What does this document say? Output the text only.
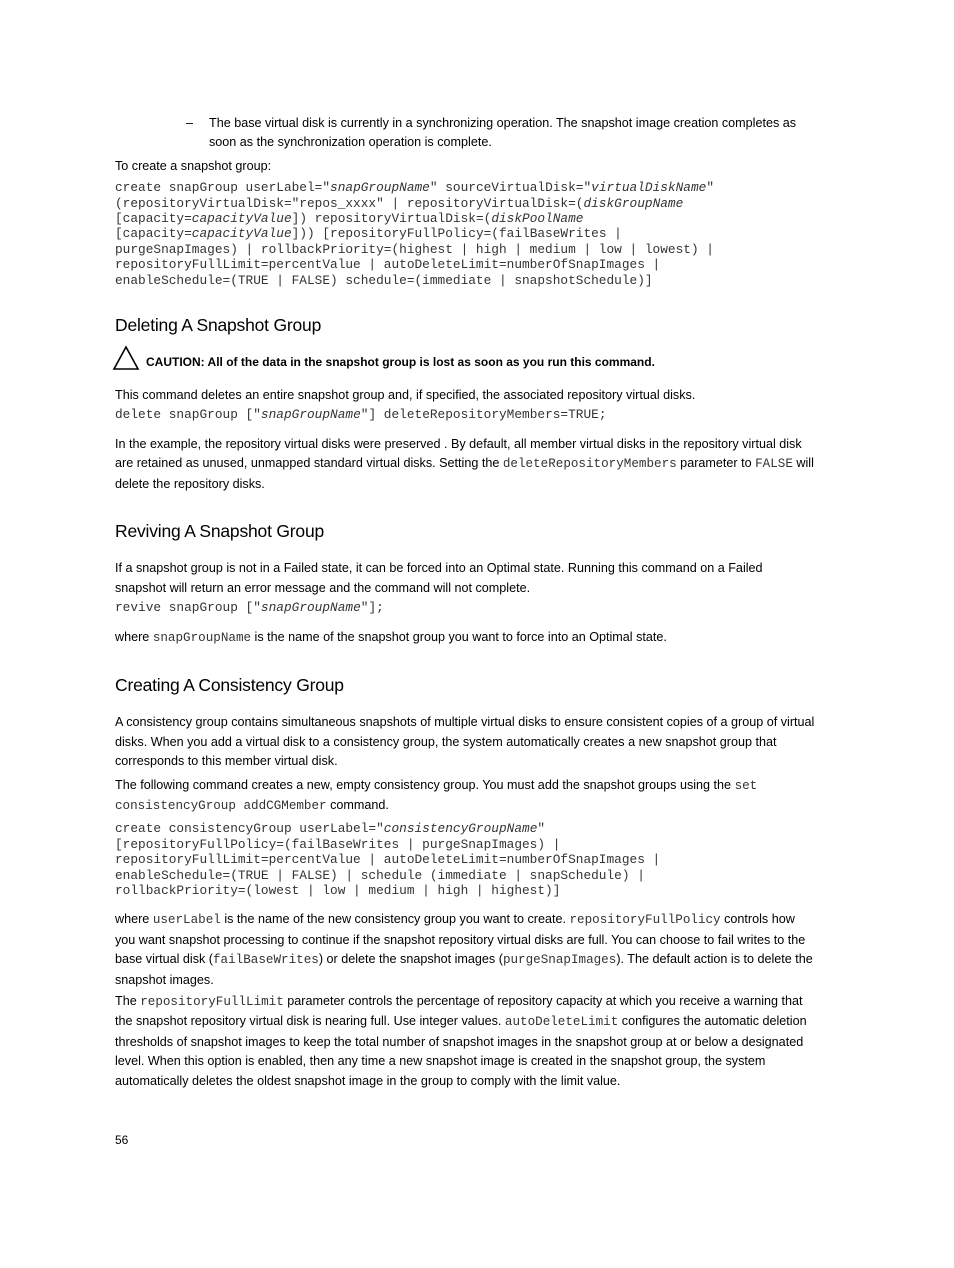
– The base virtual disk is currently in a synchronizing operation. The snapshot image creation completes as soon as the synchronization operation is complete.

To create a snapshot group:

create snapGroup userLabel="snapGroupName" sourceVirtualDisk="virtualDiskName"
(repositoryVirtualDisk="repos_xxxx" | repositoryVirtualDisk=(diskGroupName
[capacity=capacityValue]) repositoryVirtualDisk=(diskPoolName
[capacity=capacityValue])) [repositoryFullPolicy=(failBaseWrites |
purgeSnapImages) | rollbackPriority=(highest | high | medium | low | lowest) |
repositoryFullLimit=percentValue | autoDeleteLimit=numberOfSnapImages |
enableSchedule=(TRUE | FALSE) schedule=(immediate | snapshotSchedule)]
Deleting A Snapshot Group
CAUTION: All of the data in the snapshot group is lost as soon as you run this command.

This command deletes an entire snapshot group and, if specified, the associated repository virtual disks.

delete snapGroup ["snapGroupName"] deleteRepositoryMembers=TRUE;

In the example, the repository virtual disks were preserved . By default, all member virtual disks in the repository virtual disk are retained as unused, unmapped standard virtual disks. Setting the deleteRepositoryMembers parameter to FALSE will delete the repository disks.

Reviving A Snapshot Group

If a snapshot group is not in a Failed state, it can be forced into an Optimal state. Running this command on a Failed snapshot will return an error message and the command will not complete.

revive snapGroup ["snapGroupName"];

where snapGroupName is the name of the snapshot group you want to force into an Optimal state.

Creating A Consistency Group

A consistency group contains simultaneous snapshots of multiple virtual disks to ensure consistent copies of a group of virtual disks. When you add a virtual disk to a consistency group, the system automatically creates a new snapshot group that corresponds to this member virtual disk.

The following command creates a new, empty consistency group. You must add the snapshot groups using the set consistencyGroup addCGMember command.

create consistencyGroup userLabel="consistencyGroupName"
[repositoryFullPolicy=(failBaseWrites | purgeSnapImages) |
repositoryFullLimit=percentValue | autoDeleteLimit=numberOfSnapImages |
enableSchedule=(TRUE | FALSE) | schedule (immediate | snapSchedule) |
rollbackPriority=(lowest | low | medium | high | highest)]

where userLabel is the name of the new consistency group you want to create. repositoryFullPolicy controls how you want snapshot processing to continue if the snapshot repository virtual disks are full. You can choose to fail writes to the base virtual disk (failBaseWrites) or delete the snapshot images (purgeSnapImages). The default action is to delete the snapshot images.

The repositoryFullLimit parameter controls the percentage of repository capacity at which you receive a warning that the snapshot repository virtual disk is nearing full. Use integer values. autoDeleteLimit configures the automatic deletion thresholds of snapshot images to keep the total number of snapshot images in the snapshot group at or below a designated level. When this option is enabled, then any time a new snapshot image is created in the snapshot group, the system automatically deletes the oldest snapshot image in the group to comply with the limit value.

56
